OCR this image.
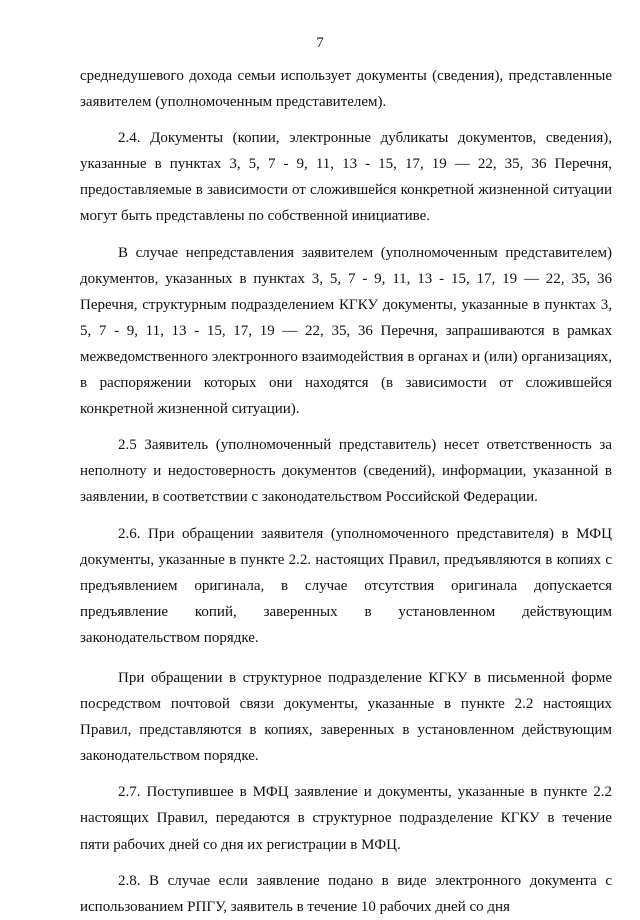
7

среднедушевого дохода семьи использует документы (сведения), представленные заявителем (уполномоченным представителем).

2.4. Документы (копии, электронные дубликаты документов, сведения), указанные в пунктах 3, 5, 7 - 9, 11, 13 - 15, 17, 19 — 22, 35, 36 Перечня, предоставляемые в зависимости от сложившейся конкретной жизненной ситуации могут быть представлены по собственной инициативе.

В случае непредставления заявителем (уполномоченным представителем) документов, указанных в пунктах 3, 5, 7 - 9, 11, 13 - 15, 17, 19 — 22, 35, 36 Перечня, структурным подразделением КГКУ документы, указанные в пунктах 3, 5, 7 - 9, 11, 13 - 15, 17, 19 — 22, 35, 36 Перечня, запрашиваются в рамках межведомственного электронного взаимодействия в органах и (или) организациях, в распоряжении которых они находятся (в зависимости от сложившейся конкретной жизненной ситуации).

2.5 Заявитель (уполномоченный представитель) несет ответственность за неполноту и недостоверность документов (сведений), информации, указанной в заявлении, в соответствии с законодательством Российской Федерации.

2.6. При обращении заявителя (уполномоченного представителя) в МФЦ документы, указанные в пункте 2.2. настоящих Правил, предъявляются в копиях с предъявлением оригинала, в случае отсутствия оригинала допускается предъявление копий, заверенных в установленном действующим законодательством порядке.

При обращении в структурное подразделение КГКУ в письменной форме посредством почтовой связи документы, указанные в пункте 2.2 настоящих Правил, представляются в копиях, заверенных в установленном действующим законодательством порядке.

2.7. Поступившее в МФЦ заявление и документы, указанные в пункте 2.2 настоящих Правил, передаются в структурное подразделение КГКУ в течение пяти рабочих дней со дня их регистрации в МФЦ.

2.8. В случае если заявление подано в виде электронного документа с использованием РПГУ, заявитель в течение 10 рабочих дней со дня
